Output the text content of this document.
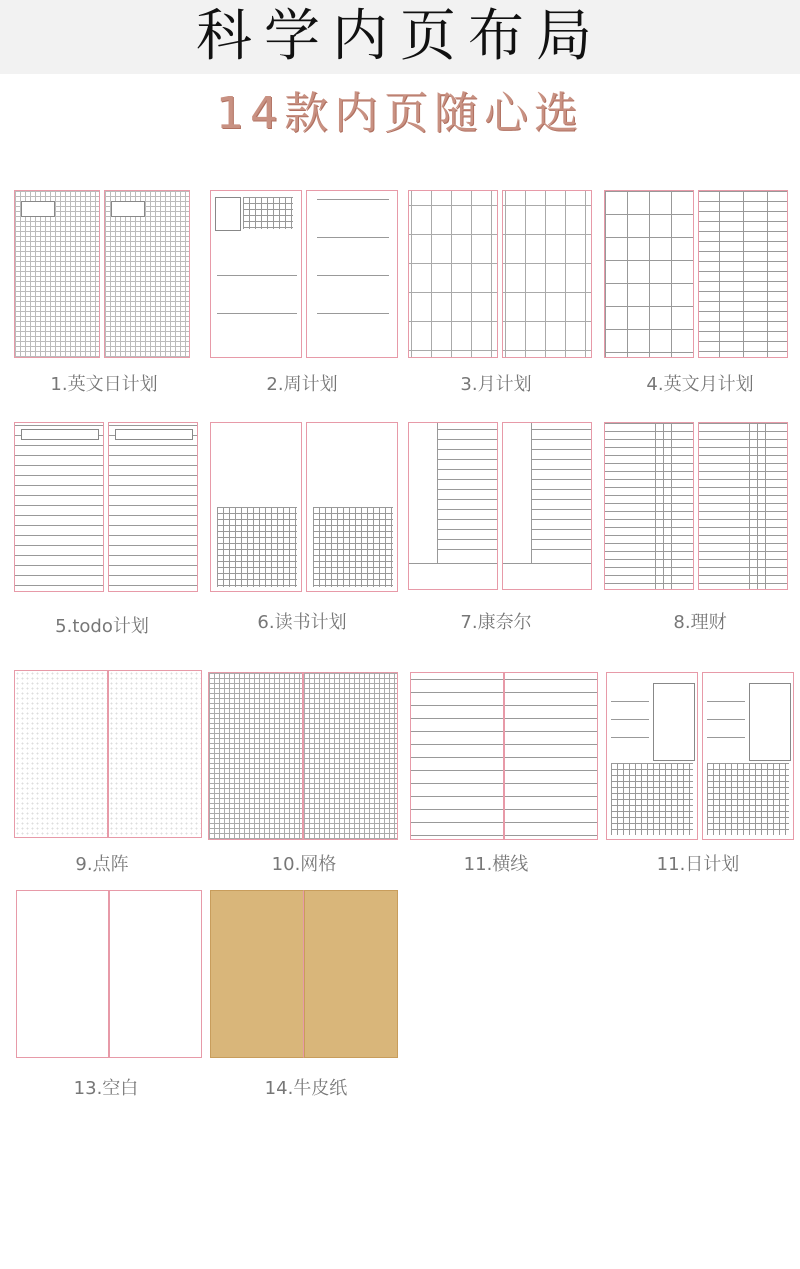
科学内页布局
14款内页随心选
1.英文日计划	2.周计划	3.月计划	4.英文月计划
5.todo计划	6.读书计划	7.康奈尔	8.理财
9.点阵	10.网格	11.横线	11.日计划
13.空白	14.牛皮纸
